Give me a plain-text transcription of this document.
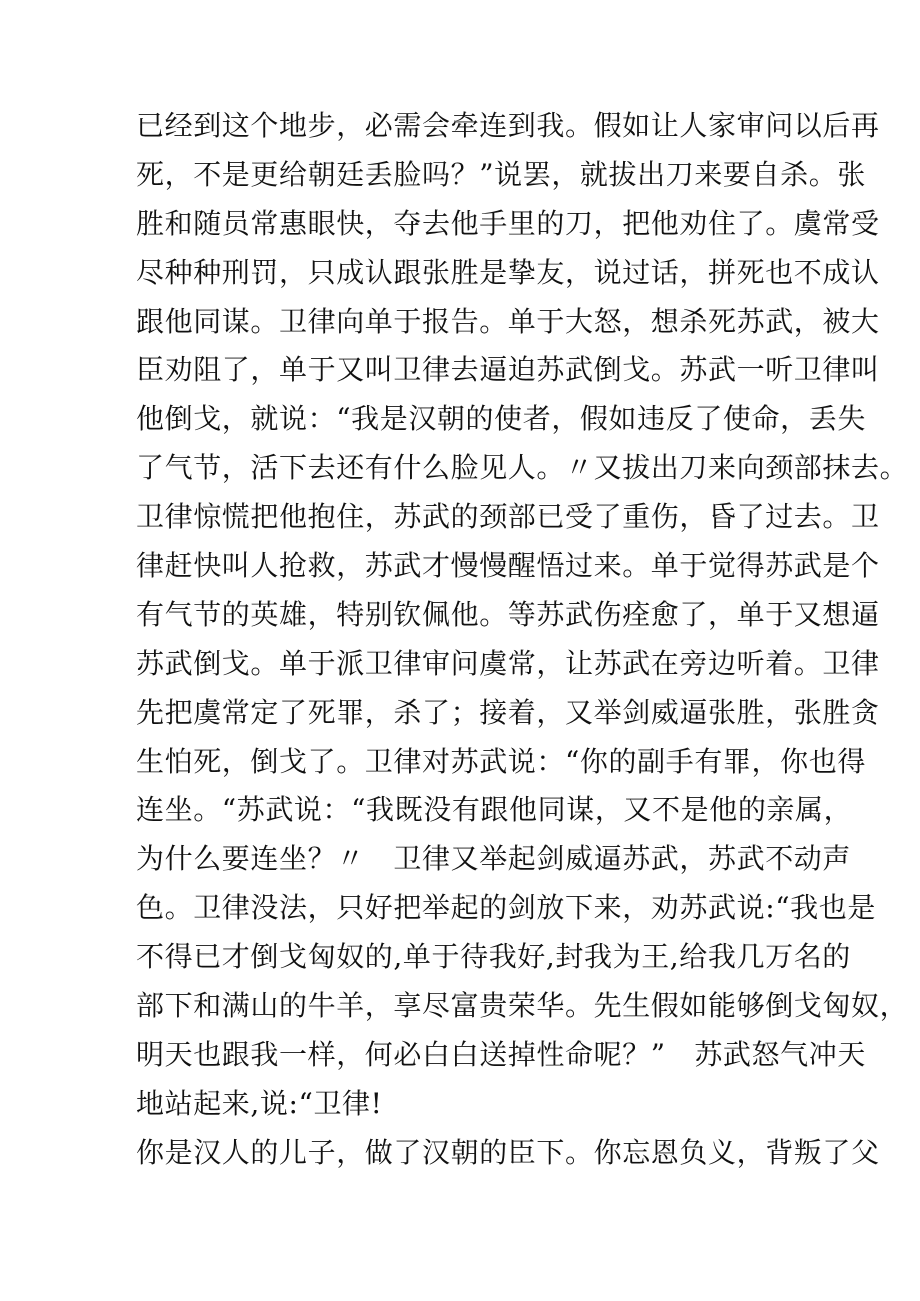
已经到这个地步，必需会牵连到我。假如让人家审问以后再
死，不是更给朝廷丢脸吗？”说罢，就拔出刀来要自杀。张
胜和随员常惠眼快，夺去他手里的刀，把他劝住了。虞常受
尽种种刑罚，只成认跟张胜是挚友，说过话，拼死也不成认
跟他同谋。卫律向单于报告。单于大怒，想杀死苏武，被大
臣劝阻了，单于又叫卫律去逼迫苏武倒戈。苏武一听卫律叫
他倒戈，就说：“我是汉朝的使者，假如违反了使命，丢失
了气节，活下去还有什么脸见人。〃又拔出刀来向颈部抹去。
卫律惊慌把他抱住，苏武的颈部已受了重伤，昏了过去。卫
律赶快叫人抢救，苏武才慢慢醒悟过来。单于觉得苏武是个
有气节的英雄，特别钦佩他。等苏武伤痊愈了，单于又想逼
苏武倒戈。单于派卫律审问虞常，让苏武在旁边听着。卫律
先把虞常定了死罪，杀了；接着，又举剑威逼张胜，张胜贪
生怕死，倒戈了。卫律对苏武说：“你的副手有罪，你也得
连坐。“苏武说：“我既没有跟他同谋，又不是他的亲属，
为什么要连坐？〃　卫律又举起剑威逼苏武，苏武不动声
色。卫律没法，只好把举起的剑放下来，劝苏武说:“我也是
不得已才倒戈匈奴的,单于待我好,封我为王,给我几万名的
部下和满山的牛羊，享尽富贵荣华。先生假如能够倒戈匈奴，
明天也跟我一样，何必白白送掉性命呢？”　苏武怒气冲天
地站起来,说:“卫律!
你是汉人的儿子，做了汉朝的臣下。你忘恩负义，背叛了父
